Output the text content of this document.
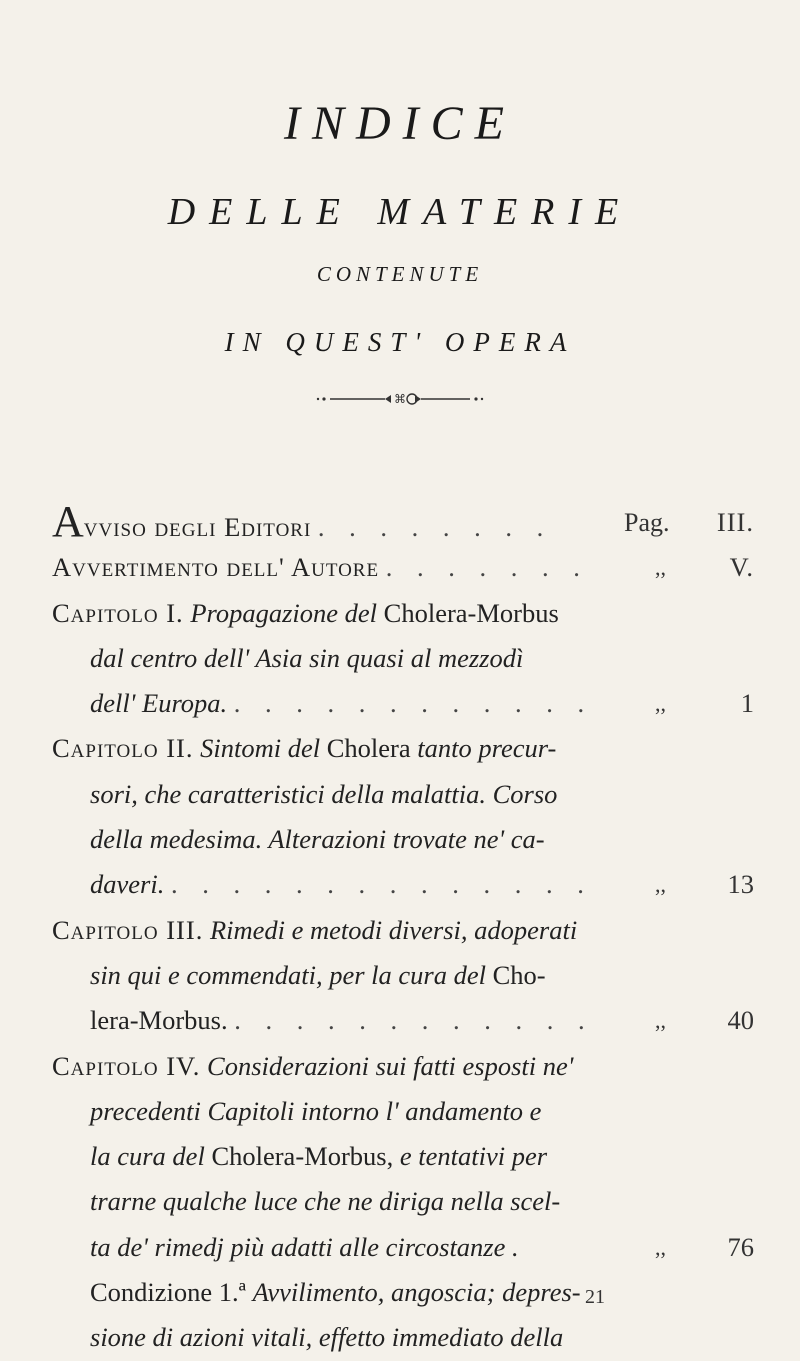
INDICE
DELLE MATERIE
CONTENUTE
IN QUEST' OPERA
⌘
Avviso degli Editori . . . . . . . .	Pag. III.
Avvertimento dell' Autore . . . . . . .	,, V.
Capitolo I. Propagazione del Cholera-Morbus
dal centro dell' Asia sin quasi al mezzodì
dell' Europa. . . . . . . . . . . . .	,,	1
Capitolo II. Sintomi del Cholera tanto precur-
sori, che caratteristici della malattia. Corso
della medesima. Alterazioni trovate ne' ca-
daveri. . . . . . . . . . . . . . .	,, 13
Capitolo III. Rimedi e metodi diversi, adoperati
sin qui e commendati, per la cura del Cho-
lera-Morbus. . . . . . . . . . . . .	,, 40
Capitolo IV. Considerazioni sui fatti esposti ne'
precedenti Capitoli intorno l' andamento e
la cura del Cholera-Morbus, e tentativi per
trarne qualche luce che ne diriga nella scel-
ta de' rimedj più adatti alle circostanze .	,, 76
Condizione 1.ª Avvilimento, angoscia; depres-
sione di azioni vitali, effetto immediato della
21
